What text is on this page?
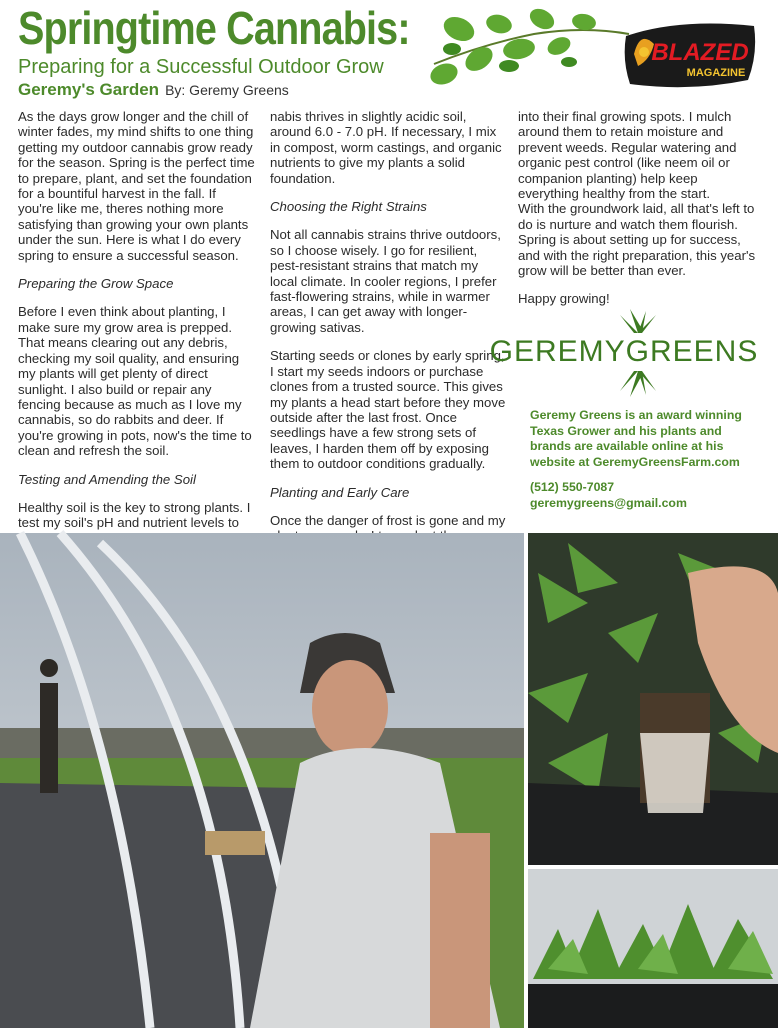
Springtime Cannabis:
Preparing for a Successful Outdoor Grow
Geremy's Garden By: Geremy Greens
BLAZED
MAGAZINE

As the days grow longer and the chill of winter fades, my mind shifts to one thing getting my outdoor cannabis grow ready for the season. Spring is the perfect time to prepare, plant, and set the foundation for a bountiful harvest in the fall. If you're like me, theres nothing more satisfying than growing your own plants under the sun. Here is what I do every spring to ensure a successful season.

Preparing the Grow Space

Before I even think about planting, I make sure my grow area is prepped. That means clearing out any debris, checking my soil quality, and ensuring my plants will get plenty of direct sunlight. I also build or repair any fencing because as much as I love my cannabis, so do rabbits and deer. If you're growing in pots, now's the time to clean and refresh the soil.

Testing and Amending the Soil

Healthy soil is the key to strong plants. I test my soil's pH and nutrient levels to

nabis thrives in slightly acidic soil, around 6.0 - 7.0 pH. If necessary, I mix in compost, worm castings, and organic nutrients to give my plants a solid foundation.

Choosing the Right Strains

Not all cannabis strains thrive outdoors, so I choose wisely. I go for resilient, pest-resistant strains that match my local climate. In cooler regions, I prefer fast-flowering strains, while in warmer areas, I can get away with longer- growing sativas.

Starting seeds or clones by early spring, I start my seeds indoors or purchase clones from a trusted source. This gives my plants a head start before they move outside after the last frost. Once seedlings have a few strong sets of leaves, I harden them off by exposing them to outdoor conditions gradually.

Planting and Early Care

Once the danger of frost is gone and my

into their final growing spots. I mulch around them to retain moisture and prevent weeds. Regular watering and organic pest control (like neem oil or companion planting) help keep everything healthy from the start.

With the groundwork laid, all that's left to do is nurture and watch them flourish. Spring is about setting up for success, and with the right preparation, this year's grow will be better than ever.

Happy growing!

GEREMYGREENS
Geremy Greens is an award winning Texas Grower and his plants and brands are available online at his website at GeremyGreensFarm.com
(512) 550-7087
geremygreens@gmail.com
